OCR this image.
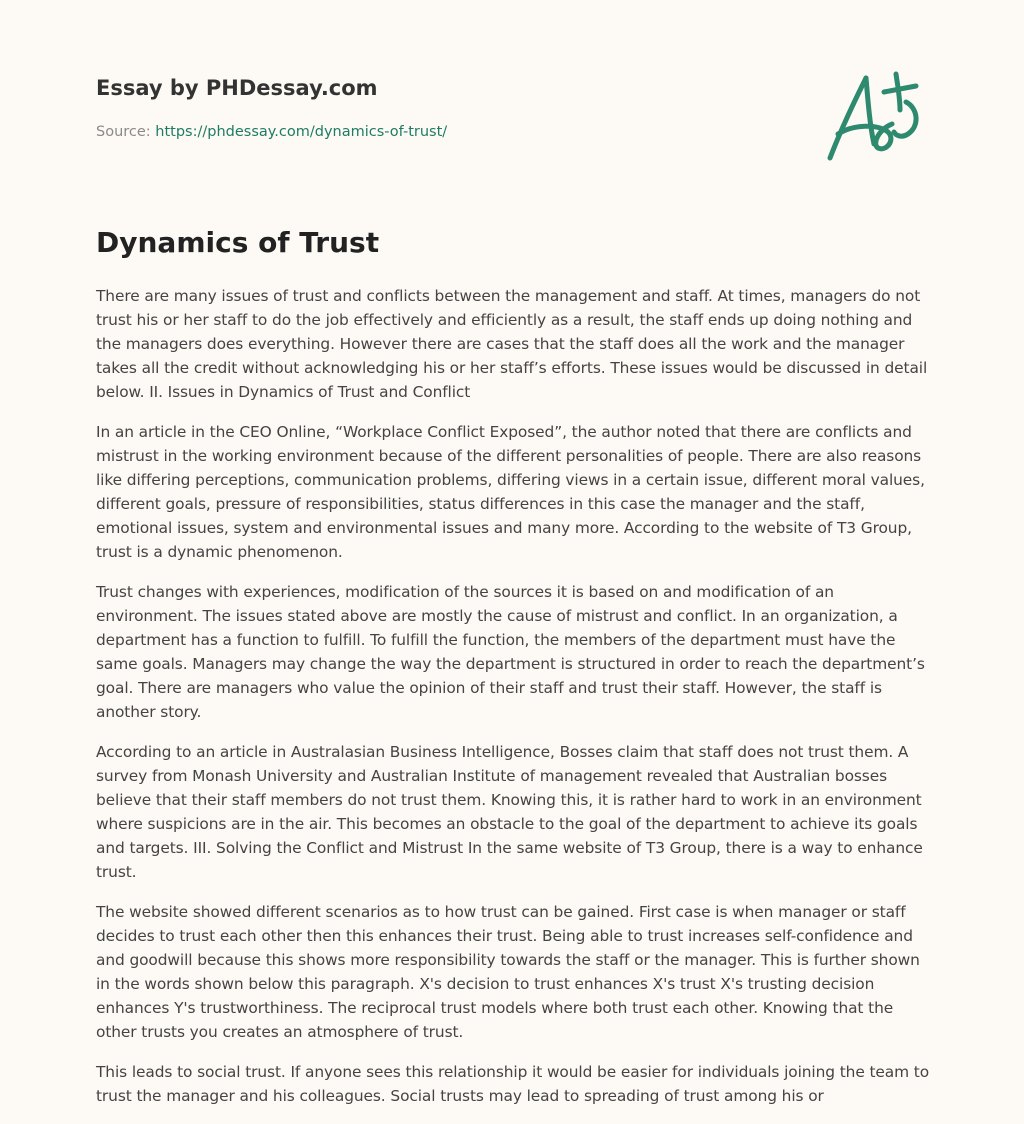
Essay by PHDessay.com
Source: https://phdessay.com/dynamics-of-trust/
Dynamics of Trust

There are many issues of trust and conflicts between the management and staff. At times, managers do not trust his or her staff to do the job effectively and efficiently as a result, the staff ends up doing nothing and the managers does everything. However there are cases that the staff does all the work and the manager takes all the credit without acknowledging his or her staff’s efforts. These issues would be discussed in detail below. II. Issues in Dynamics of Trust and Conflict

In an article in the CEO Online, “Workplace Conflict Exposed”, the author noted that there are conflicts and mistrust in the working environment because of the different personalities of people. There are also reasons like differing perceptions, communication problems, differing views in a certain issue, different moral values, different goals, pressure of responsibilities, status differences in this case the manager and the staff, emotional issues, system and environmental issues and many more. According to the website of T3 Group, trust is a dynamic phenomenon.

Trust changes with experiences, modification of the sources it is based on and modification of an environment. The issues stated above are mostly the cause of mistrust and conflict. In an organization, a department has a function to fulfill. To fulfill the function, the members of the department must have the same goals. Managers may change the way the department is structured in order to reach the department’s goal. There are managers who value the opinion of their staff and trust their staff. However, the staff is another story.

According to an article in Australasian Business Intelligence, Bosses claim that staff does not trust them. A survey from Monash University and Australian Institute of management revealed that Australian bosses believe that their staff members do not trust them. Knowing this, it is rather hard to work in an environment where suspicions are in the air. This becomes an obstacle to the goal of the department to achieve its goals and targets. III. Solving the Conflict and Mistrust In the same website of T3 Group, there is a way to enhance trust.

The website showed different scenarios as to how trust can be gained. First case is when manager or staff decides to trust each other then this enhances their trust. Being able to trust increases self-confidence and and goodwill because this shows more responsibility towards the staff or the manager. This is further shown in the words shown below this paragraph. X's decision to trust enhances X's trust X's trusting decision enhances Y's trustworthiness. The reciprocal trust models where both trust each other. Knowing that the other trusts you creates an atmosphere of trust.

This leads to social trust. If anyone sees this relationship it would be easier for individuals joining the team to trust the manager and his colleagues. Social trusts may lead to spreading of trust among his or
